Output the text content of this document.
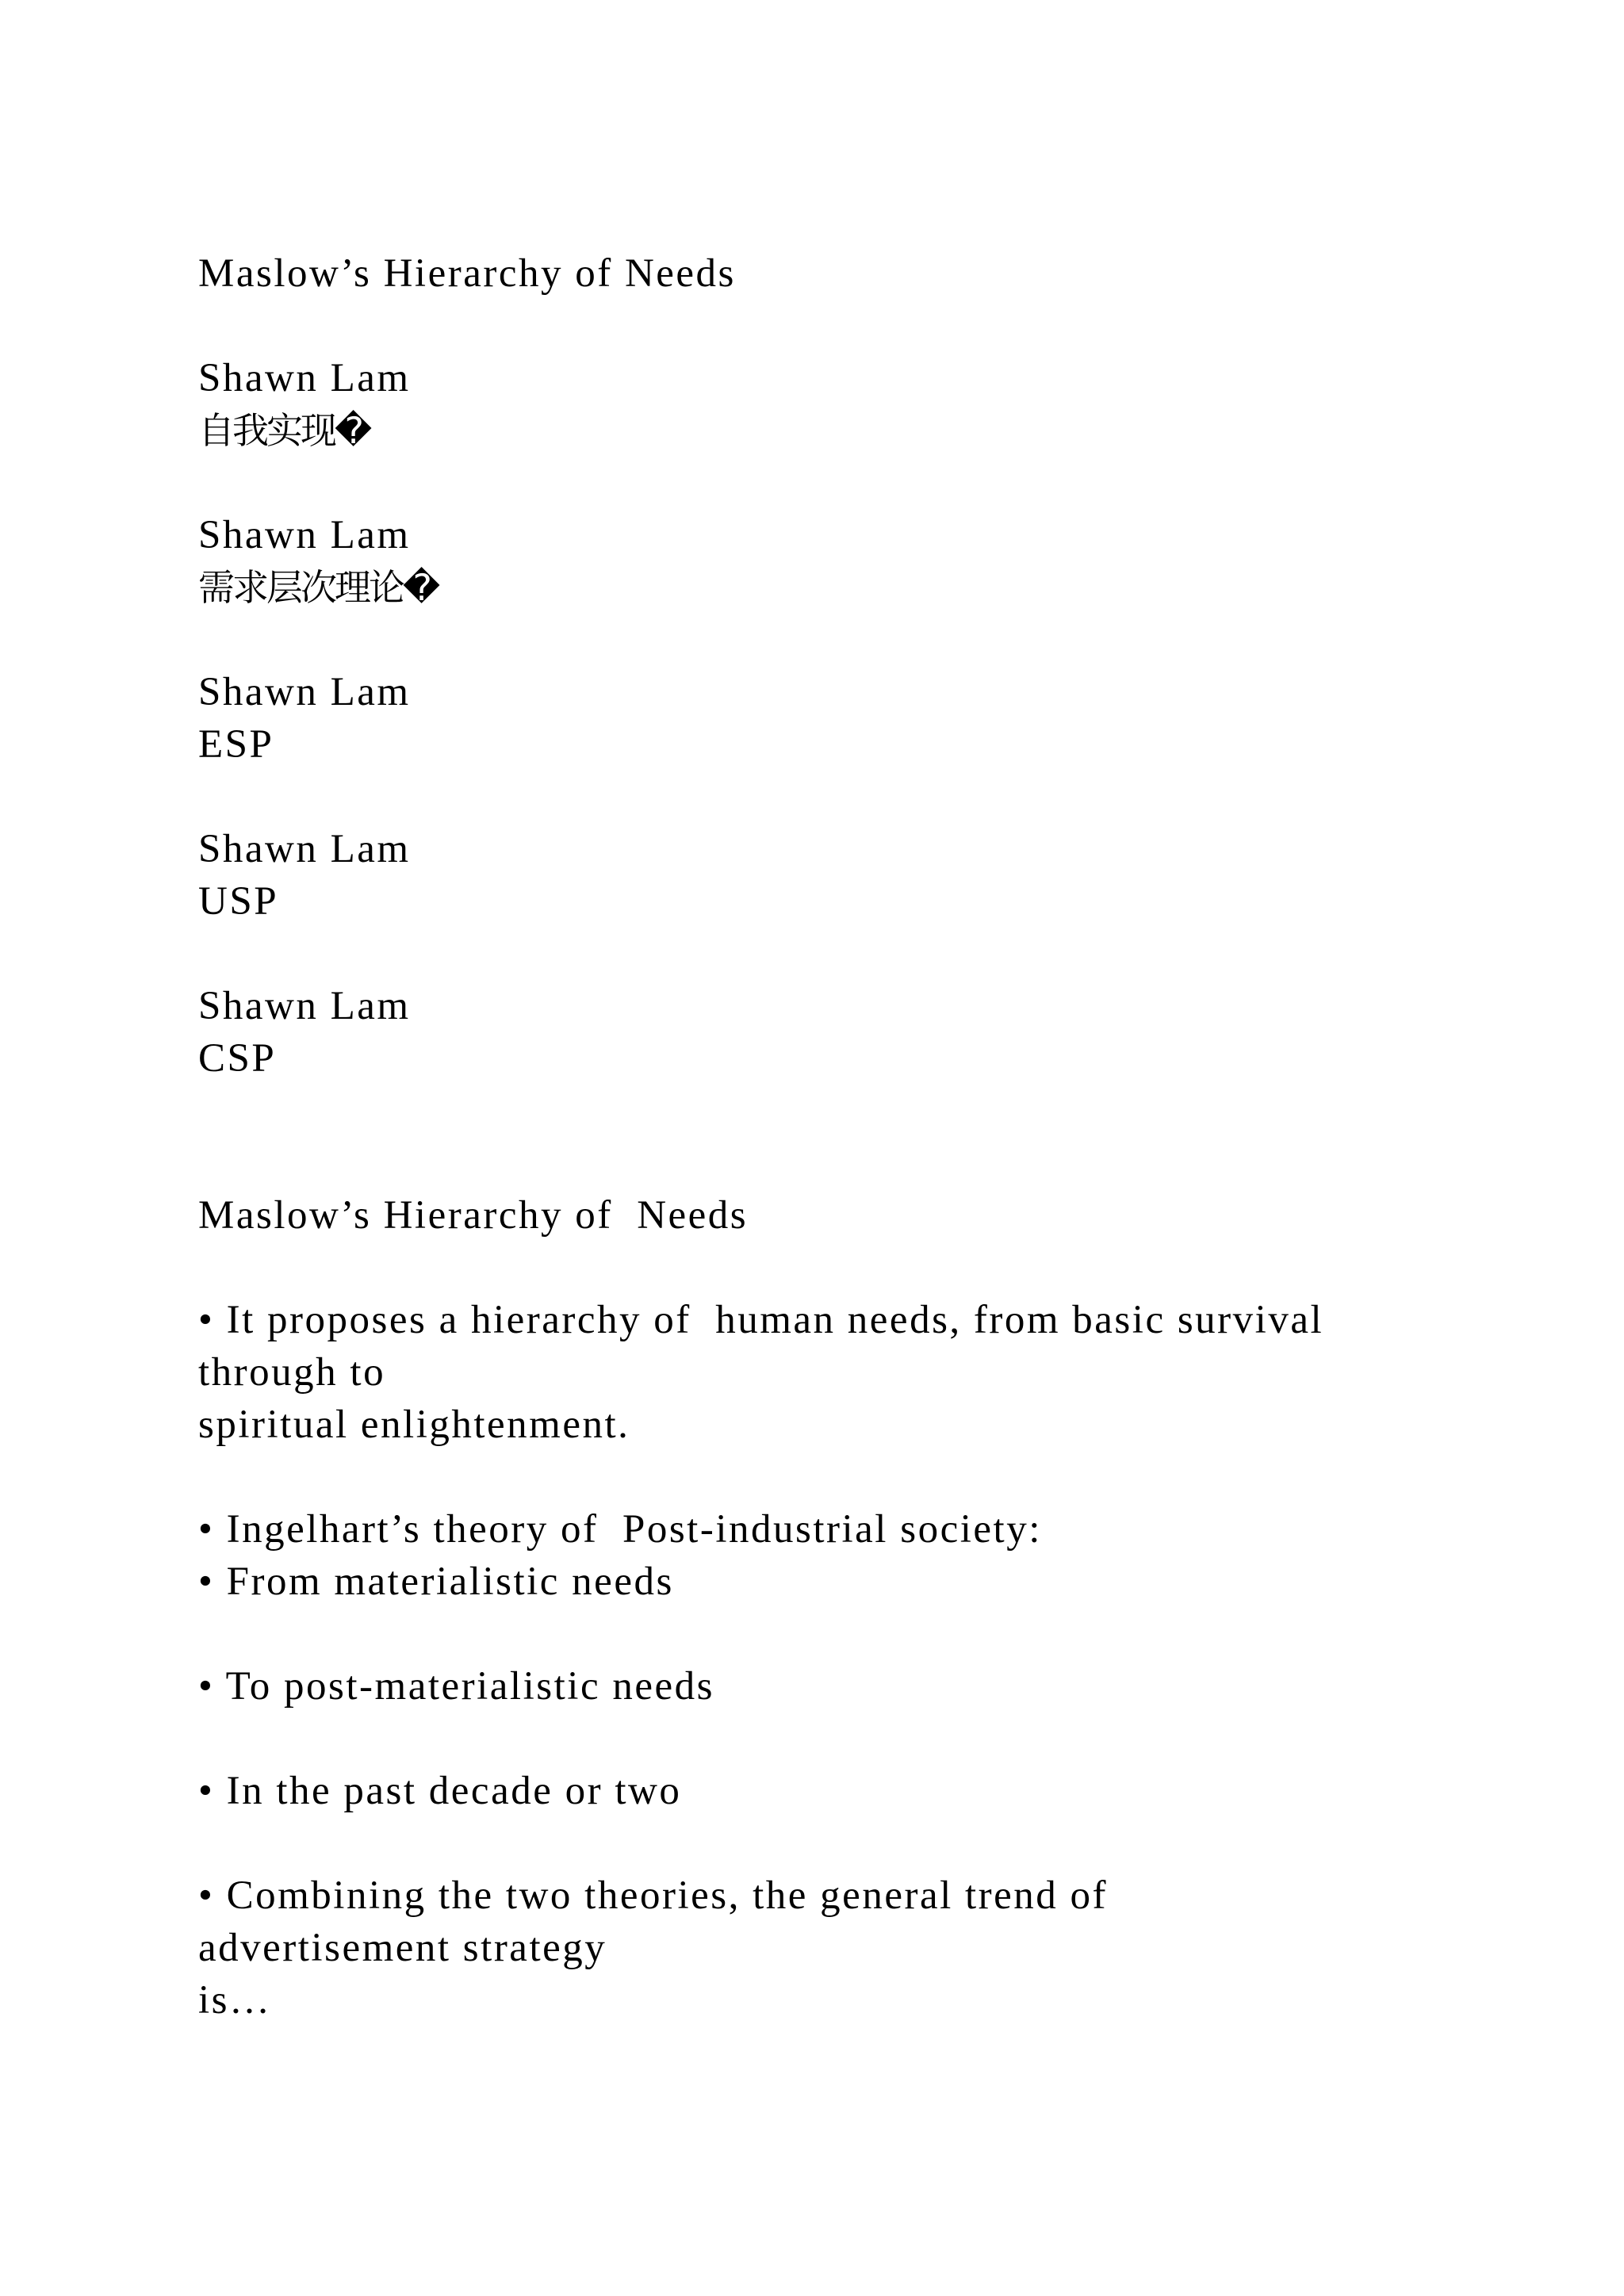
Maslow’s Hierarchy of Needs
Shawn Lam
自我实现�
Shawn Lam
需求层次理论�
Shawn Lam
ESP
Shawn Lam
USP
Shawn Lam
CSP
Maslow’s Hierarchy of  Needs
• It proposes a hierarchy of  human needs, from basic survival
through to
spiritual enlightenment.
• Ingelhart’s theory of  Post-industrial society:
• From materialistic needs
• To post-materialistic needs
• In the past decade or two
• Combining the two theories, the general trend of
advertisement strategy
is…
